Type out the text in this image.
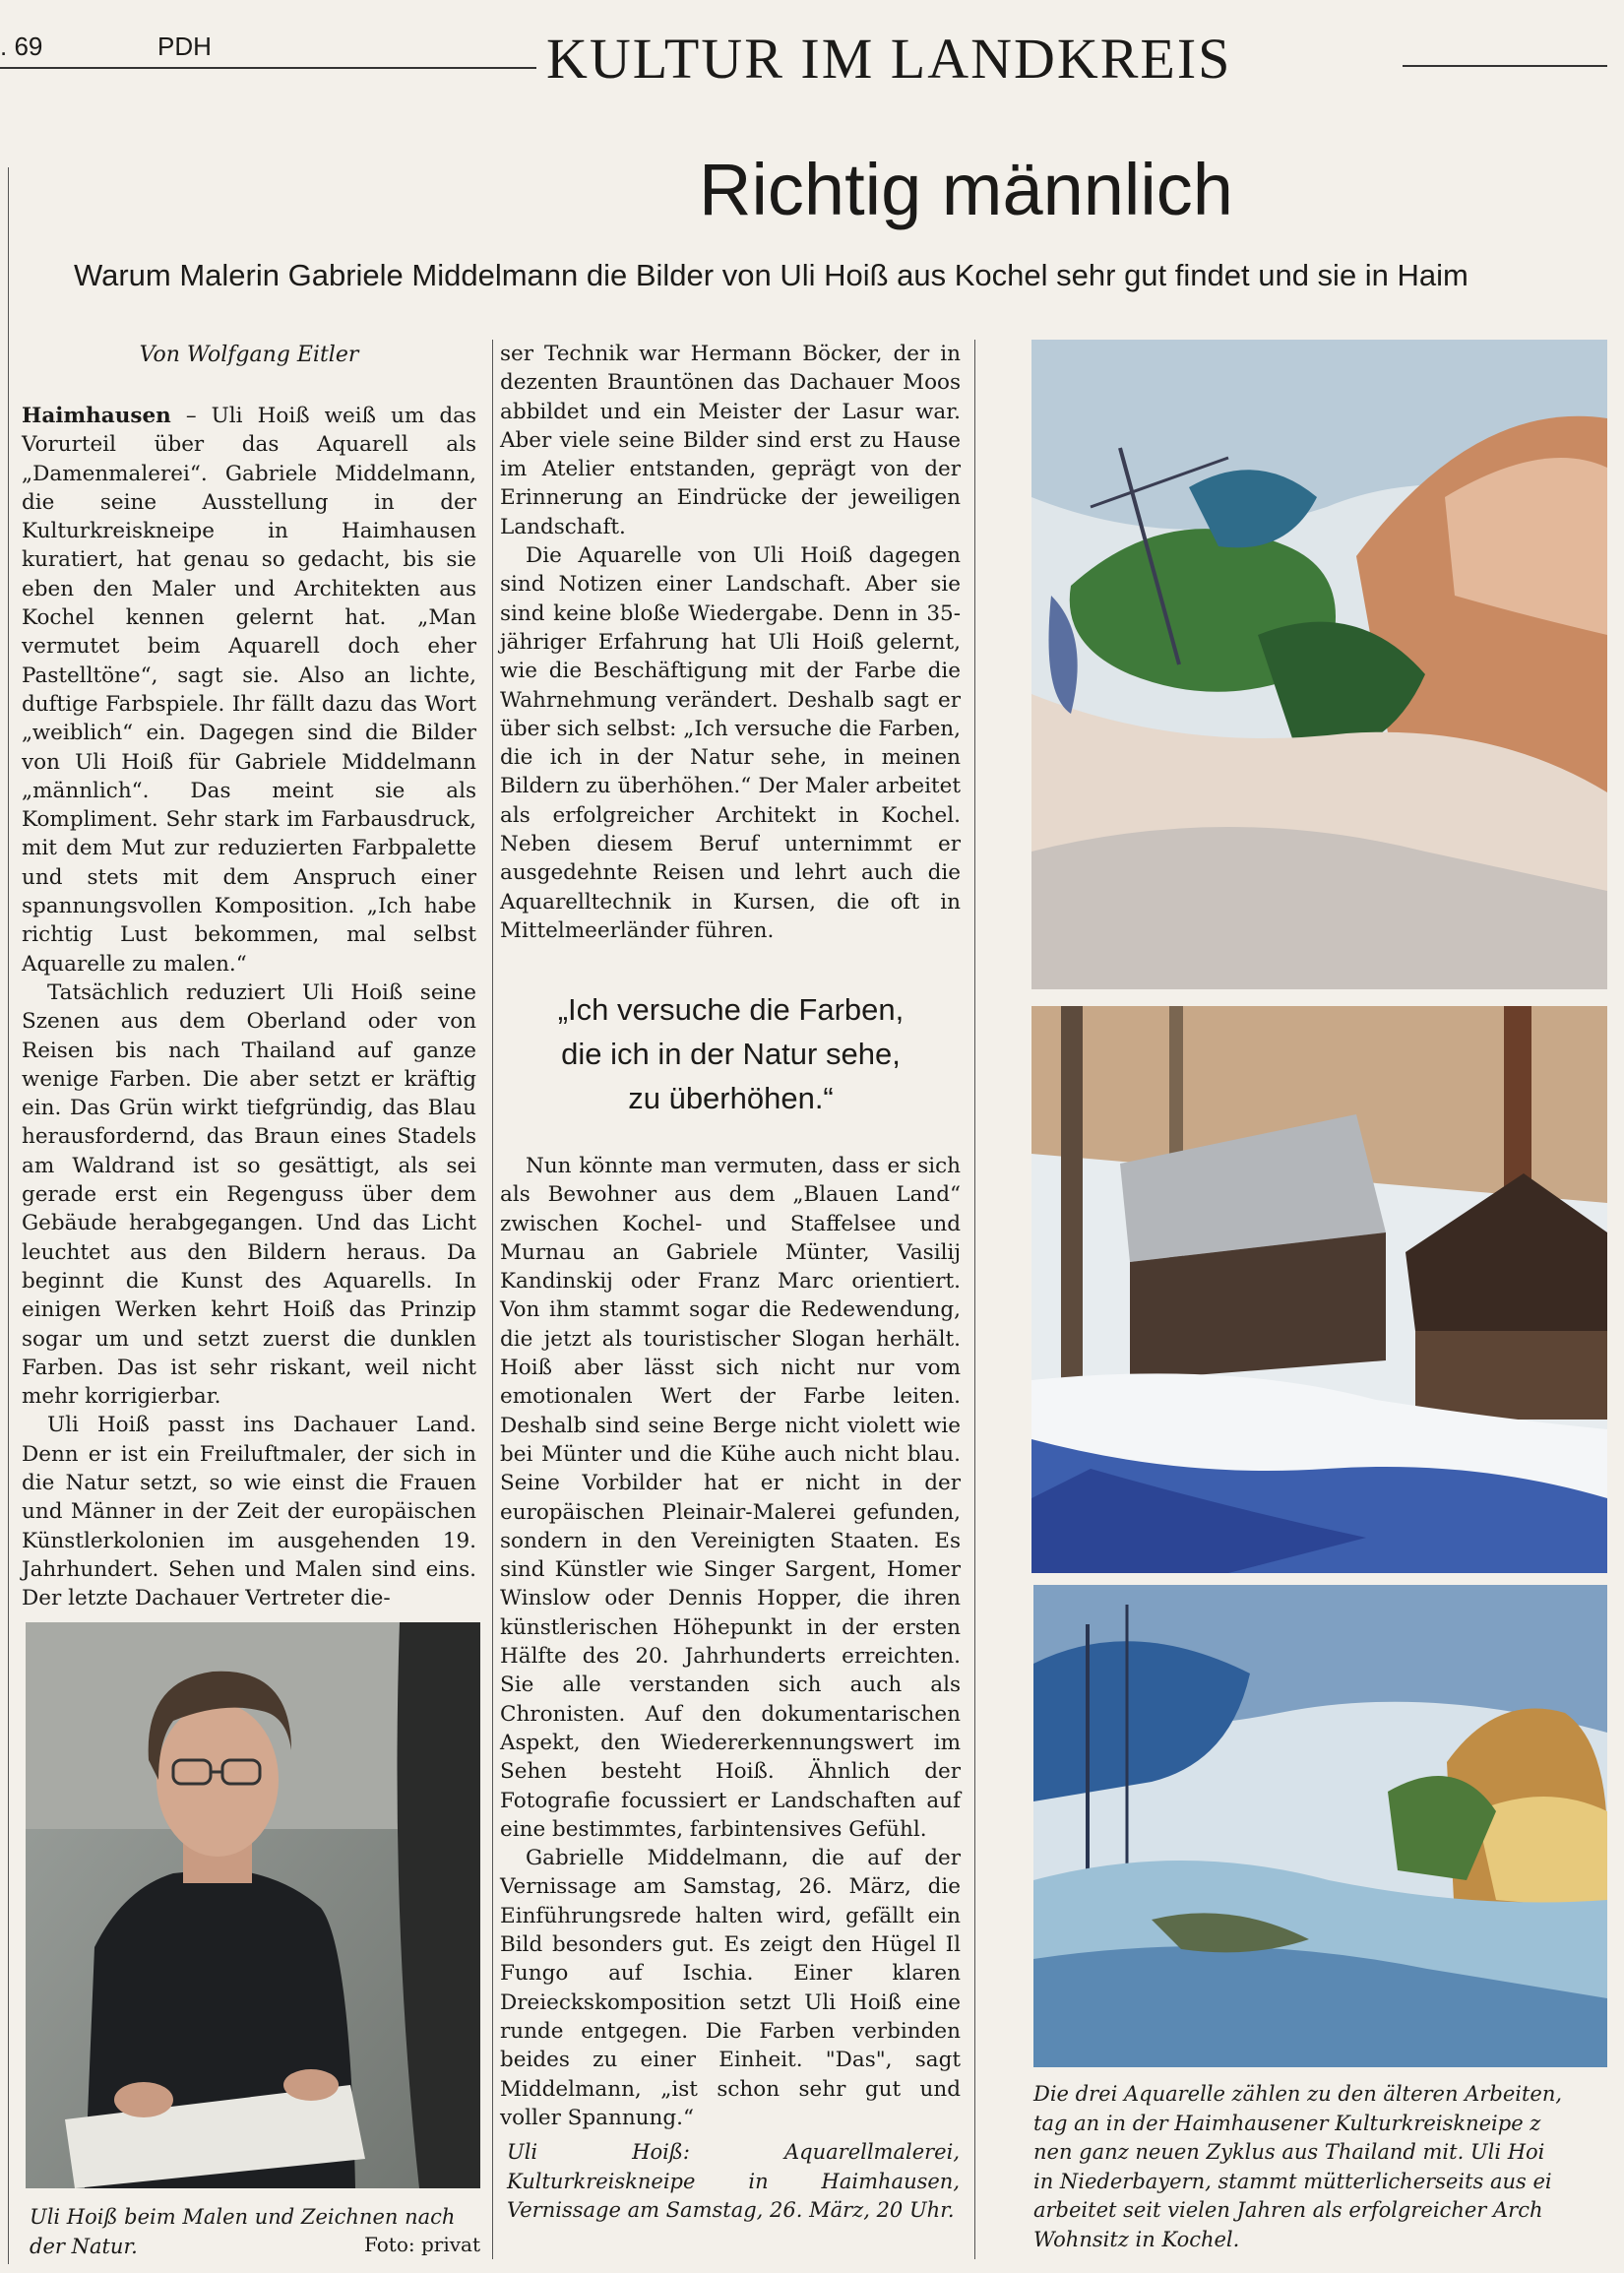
. 69	PDH	KULTUR IM LANDKREIS
Richtig männlich
Warum Malerin Gabriele Middelmann die Bilder von Uli Hoiß aus Kochel sehr gut findet und sie in Haim
Von Wolfgang Eitler

Haimhausen – Uli Hoiß weiß um das Vorurteil über das Aquarell als „Damenmalerei“. Gabriele Middelmann, die seine Ausstellung in der Kulturkreiskneipe in Haimhausen kuratiert, hat genau so gedacht, bis sie eben den Maler und Architekten aus Kochel kennen gelernt hat. „Man vermutet beim Aquarell doch eher Pastelltöne“, sagt sie. Also an lichte, duftige Farbspiele. Ihr fällt dazu das Wort „weiblich“ ein. Dagegen sind die Bilder von Uli Hoiß für Gabriele Middelmann „männlich“. Das meint sie als Kompliment. Sehr stark im Farbausdruck, mit dem Mut zur reduzierten Farbpalette und stets mit dem Anspruch einer spannungsvollen Komposition. „Ich habe richtig Lust bekommen, mal selbst Aquarelle zu malen.“

Tatsächlich reduziert Uli Hoiß seine Szenen aus dem Oberland oder von Reisen bis nach Thailand auf ganze wenige Farben. Die aber setzt er kräftig ein. Das Grün wirkt tiefgründig, das Blau herausfordernd, das Braun eines Stadels am Waldrand ist so gesättigt, als sei gerade erst ein Regenguss über dem Gebäude herabgegangen. Und das Licht leuchtet aus den Bildern heraus. Da beginnt die Kunst des Aquarells. In einigen Werken kehrt Hoiß das Prinzip sogar um und setzt zuerst die dunklen Farben. Das ist sehr riskant, weil nicht mehr korrigierbar.

Uli Hoiß passt ins Dachauer Land. Denn er ist ein Freiluftmaler, der sich in die Natur setzt, so wie einst die Frauen und Männer in der Zeit der europäischen Künstlerkolonien im ausgehenden 19. Jahrhundert. Sehen und Malen sind eins. Der letzte Dachauer Vertreter die-

Uli Hoiß beim Malen und Zeichnen nach der Natur.	Foto: privat

ser Technik war Hermann Böcker, der in dezenten Brauntönen das Dachauer Moos abbildet und ein Meister der Lasur war. Aber viele seine Bilder sind erst zu Hause im Atelier entstanden, geprägt von der Erinnerung an Eindrücke der jeweiligen Landschaft.

Die Aquarelle von Uli Hoiß dagegen sind Notizen einer Landschaft. Aber sie sind keine bloße Wiedergabe. Denn in 35-jähriger Erfahrung hat Uli Hoiß gelernt, wie die Beschäftigung mit der Farbe die Wahrnehmung verändert. Deshalb sagt er über sich selbst: „Ich versuche die Farben, die ich in der Natur sehe, in meinen Bildern zu überhöhen.“ Der Maler arbeitet als erfolgreicher Architekt in Kochel. Neben diesem Beruf unternimmt er ausgedehnte Reisen und lehrt auch die Aquarelltechnik in Kursen, die oft in Mittelmeerländer führen.

„Ich versuche die Farben,
die ich in der Natur sehe,
zu überhöhen.“

Nun könnte man vermuten, dass er sich als Bewohner aus dem „Blauen Land“ zwischen Kochel- und Staffelsee und Murnau an Gabriele Münter, Vasilij Kandinskij oder Franz Marc orientiert. Von ihm stammt sogar die Redewendung, die jetzt als touristischer Slogan herhält. Hoiß aber lässt sich nicht nur vom emotionalen Wert der Farbe leiten. Deshalb sind seine Berge nicht violett wie bei Münter und die Kühe auch nicht blau. Seine Vorbilder hat er nicht in der europäischen Pleinair-Malerei gefunden, sondern in den Vereinigten Staaten. Es sind Künstler wie Singer Sargent, Homer Winslow oder Dennis Hopper, die ihren künstlerischen Höhepunkt in der ersten Hälfte des 20. Jahrhunderts erreichten. Sie alle verstanden sich auch als Chronisten. Auf den dokumentarischen Aspekt, den Wiedererkennungswert im Sehen besteht Hoiß. Ähnlich der Fotografie focussiert er Landschaften auf eine bestimmtes, farbintensives Gefühl.

Gabrielle Middelmann, die auf der Vernissage am Samstag, 26. März, die Einführungsrede halten wird, gefällt ein Bild besonders gut. Es zeigt den Hügel Il Fungo auf Ischia. Einer klaren Dreieckskomposition setzt Uli Hoiß eine runde entgegen. Die Farben verbinden beides zu einer Einheit. "Das", sagt Middelmann, „ist schon sehr gut und voller Spannung.“

Uli Hoiß: Aquarellmalerei, Kulturkreiskneipe in Haimhausen, Vernissage am Samstag, 26. März, 20 Uhr.
Die drei Aquarelle zählen zu den älteren Arbeiten,
tag an in der Haimhausener Kulturkreiskneipe z
nen ganz neuen Zyklus aus Thailand mit. Uli Hoi
in Niederbayern, stammt mütterlicherseits aus ei
arbeitet seit vielen Jahren als erfolgreicher Arch
Wohnsitz in Kochel.
